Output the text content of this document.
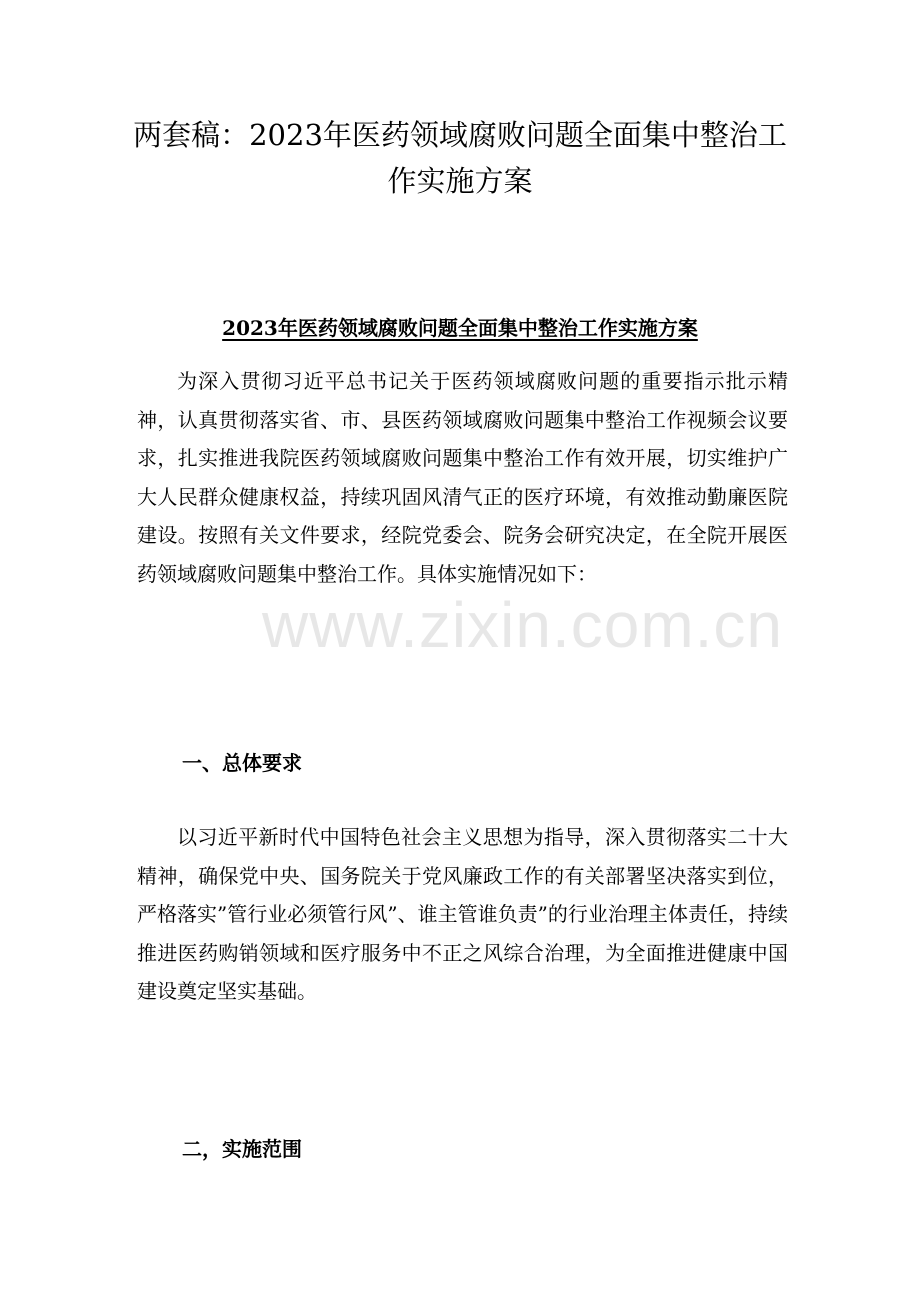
两套稿：2023年医药领域腐败问题全面集中整治工作实施方案
2023年医药领域腐败问题全面集中整治工作实施方案

为深入贯彻习近平总书记关于医药领域腐败问题的重要指示批示精神，认真贯彻落实省、市、县医药领域腐败问题集中整治工作视频会议要求，扎实推进我院医药领域腐败问题集中整治工作有效开展，切实维护广大人民群众健康权益，持续巩固风清气正的医疗环境，有效推动勤廉医院建设。按照有关文件要求，经院党委会、院务会研究决定，在全院开展医药领域腐败问题集中整治工作。具体实施情况如下：

一、总体要求

以习近平新时代中国特色社会主义思想为指导，深入贯彻落实二十大精神，确保党中央、国务院关于党风廉政工作的有关部署坚决落实到位，严格落实”管行业必须管行风”、谁主管谁负责”的行业治理主体责任，持续推进医药购销领域和医疗服务中不正之风综合治理，为全面推进健康中国建设奠定坚实基础。

二，实施范围
www.zixin.com.cn
